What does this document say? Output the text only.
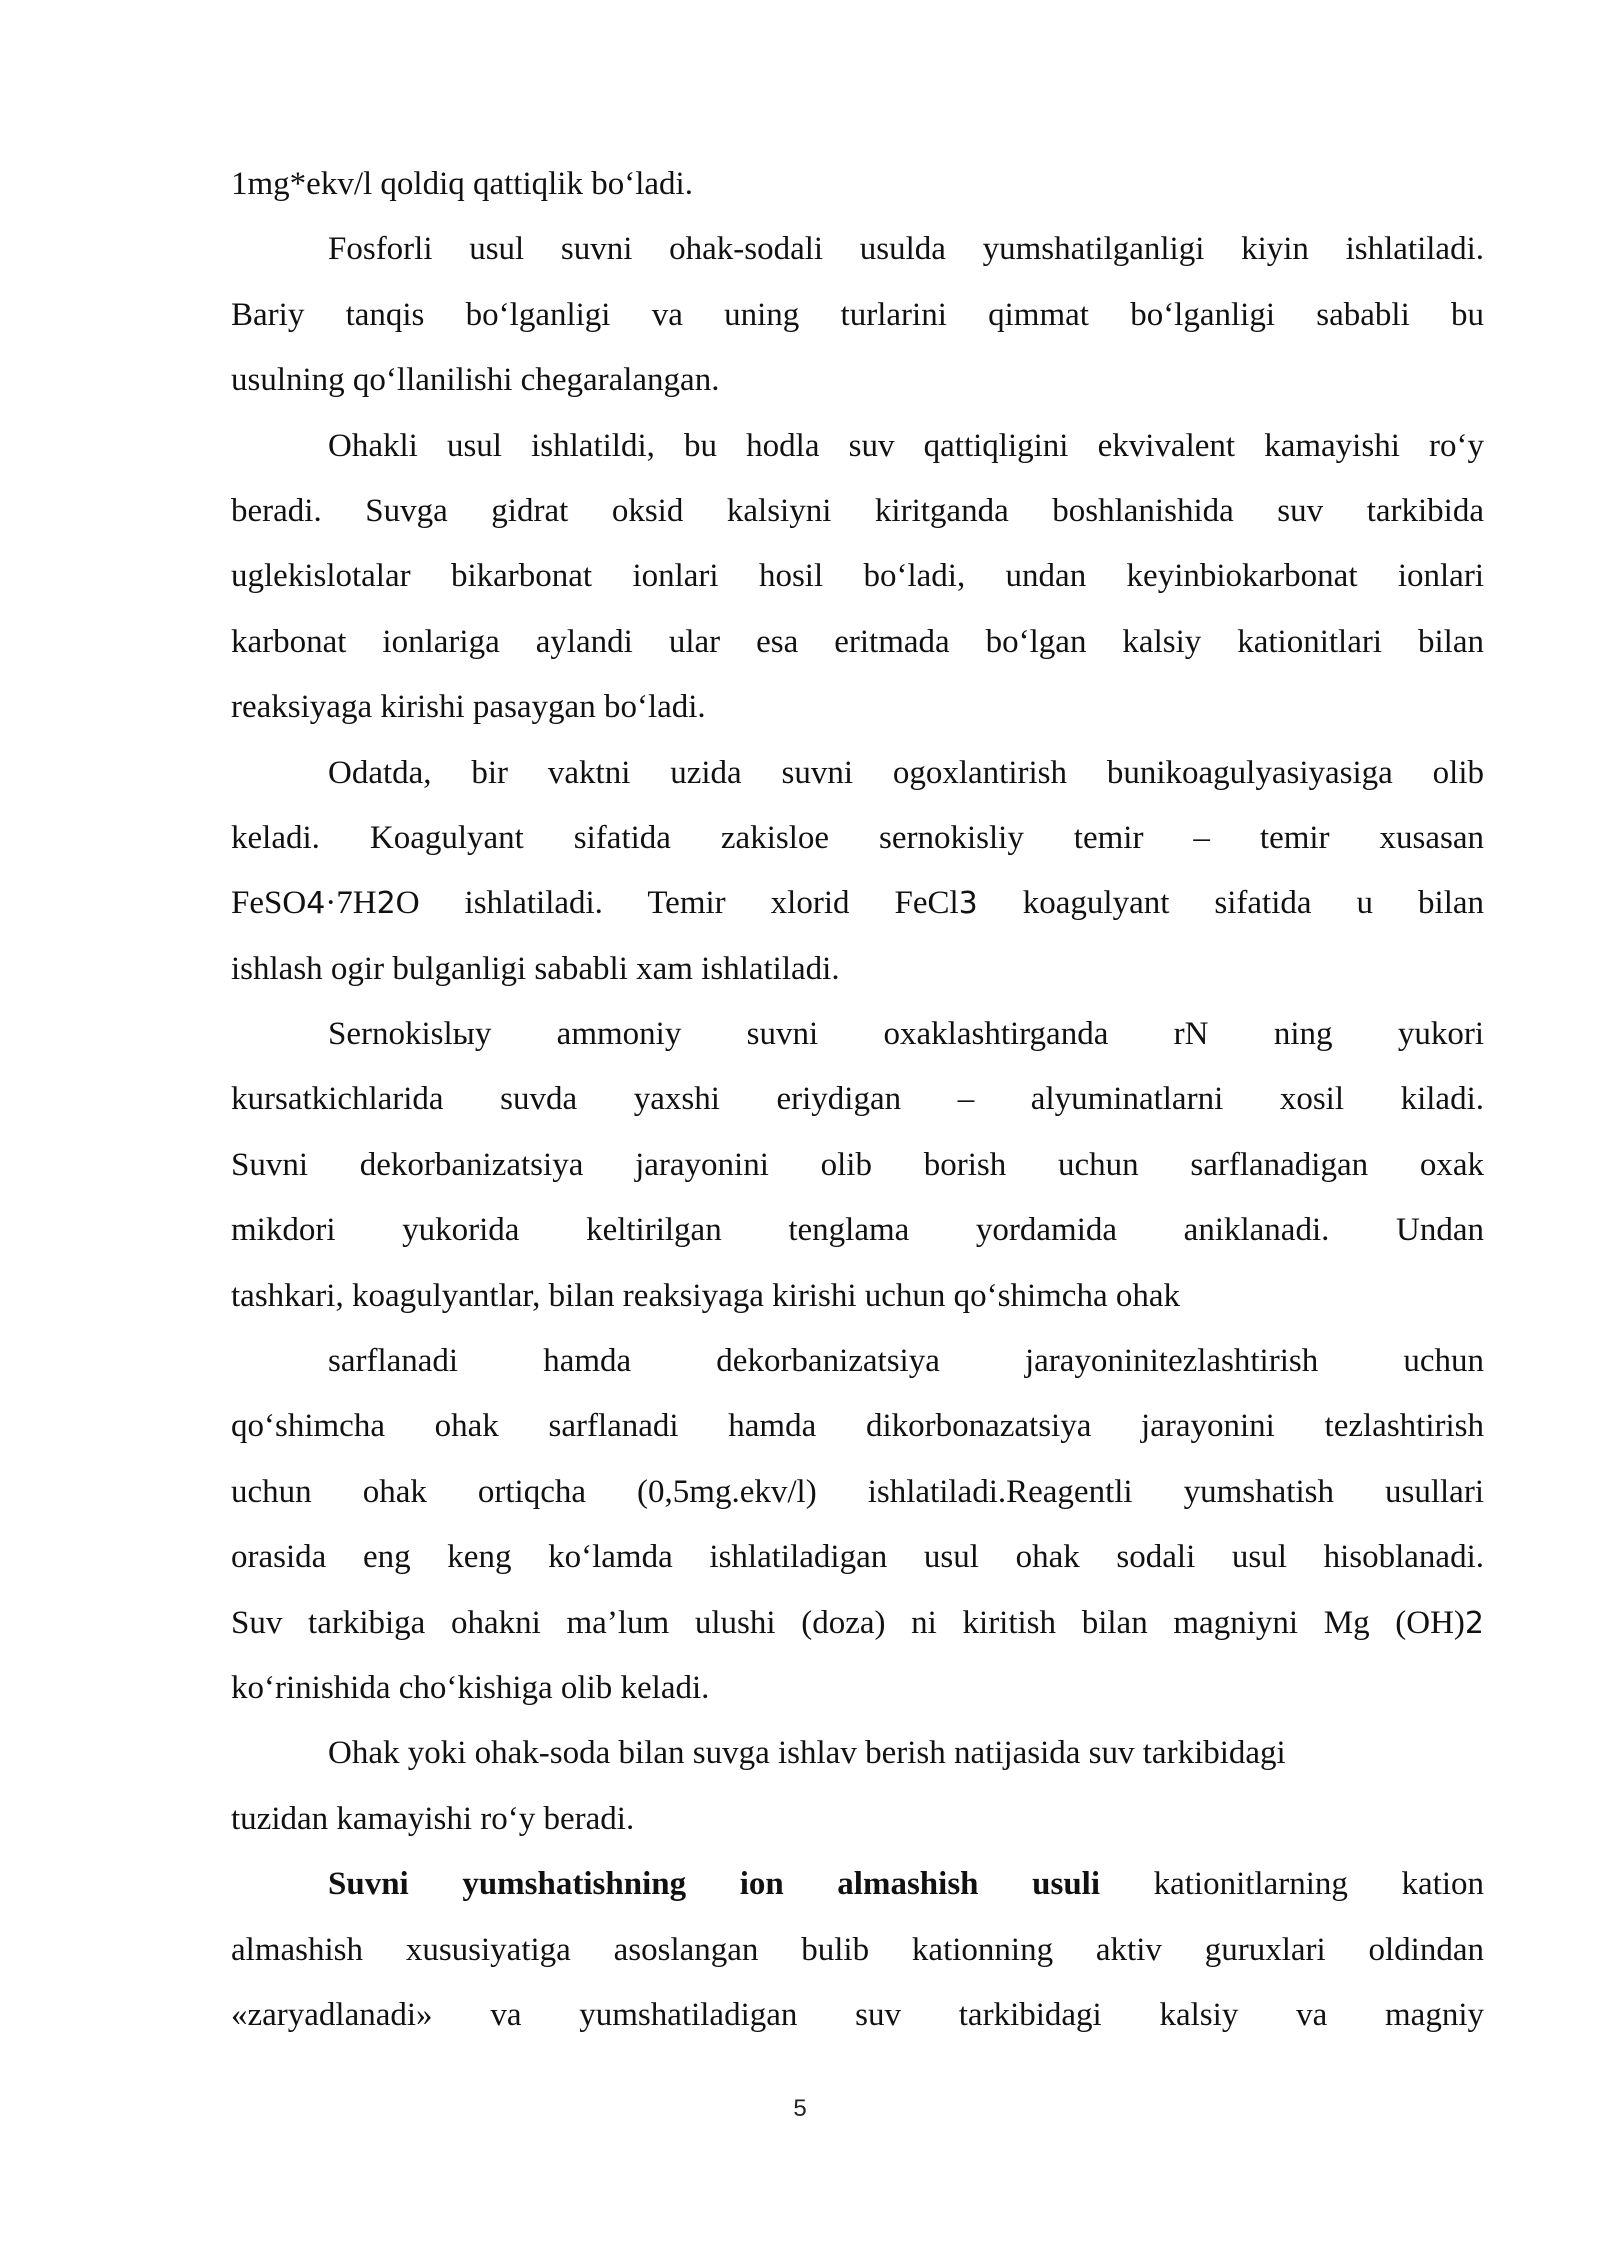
1mg*ekv/l qoldiq qattiqlik bo‘ladi.
Fosforli usul suvni ohak-sodali usulda yumshatilganligi kiyin ishlatiladi.
Bariy tanqis bo‘lganligi va uning turlarini qimmat bo‘lganligi sababli bu
usulning qo‘llanilishi chegaralangan.
Ohakli usul ishlatildi, bu hodla suv qattiqligini ekvivalent kamayishi ro‘y
beradi. Suvga gidrat oksid kalsiyni kiritganda boshlanishida suv tarkibida
uglekislotalar bikarbonat ionlari hosil bo‘ladi, undan keyinbiokarbonat ionlari
karbonat ionlariga aylandi ular esa eritmada bo‘lgan kalsiy kationitlari bilan
reaksiyaga kirishi pasaygan bo‘ladi.
Odatda, bir vaktni uzida suvni ogoxlantirish bunikoagulyasiyasiga olib
keladi. Koagulyant sifatida zakisloe sernokisliy temir – temir xusasan
FeSO4·7H2O ishlatiladi. Temir xlorid FeCl3 koagulyant sifatida u bilan
ishlash ogir bulganligi sababli xam ishlatiladi.
Sernokislыy ammoniy suvni oxaklashtirganda rN ning yukori
kursatkichlarida suvda yaxshi eriydigan – alyuminatlarni xosil kiladi.
Suvni dekorbanizatsiya jarayonini olib borish uchun sarflanadigan oxak
mikdori yukorida keltirilgan tenglama yordamida aniklanadi. Undan
tashkari, koagulyantlar, bilan reaksiyaga kirishi uchun qo‘shimcha ohak
sarflanadi hamda dekorbanizatsiya jarayoninitezlashtirish uchun
qo‘shimcha ohak sarflanadi hamda dikorbonazatsiya jarayonini tezlashtirish
uchun ohak ortiqcha (0,5mg.ekv/l) ishlatiladi.Reagentli yumshatish usullari
orasida eng keng ko‘lamda ishlatiladigan usul ohak sodali usul hisoblanadi.
Suv tarkibiga ohakni ma’lum ulushi (doza) ni kiritish bilan magniyni Mg (OH)2
ko‘rinishida cho‘kishiga olib keladi.
Ohak yoki ohak-soda bilan suvga ishlav berish natijasida suv tarkibidagi
tuzidan kamayishi ro‘y beradi.
Suvni yumshatishning ion almashish usuli kationitlarning kation
almashish xususiyatiga asoslangan bulib kationning aktiv guruxlari oldindan
«zaryadlanadi» va yumshatiladigan suv tarkibidagi kalsiy va magniy
5
